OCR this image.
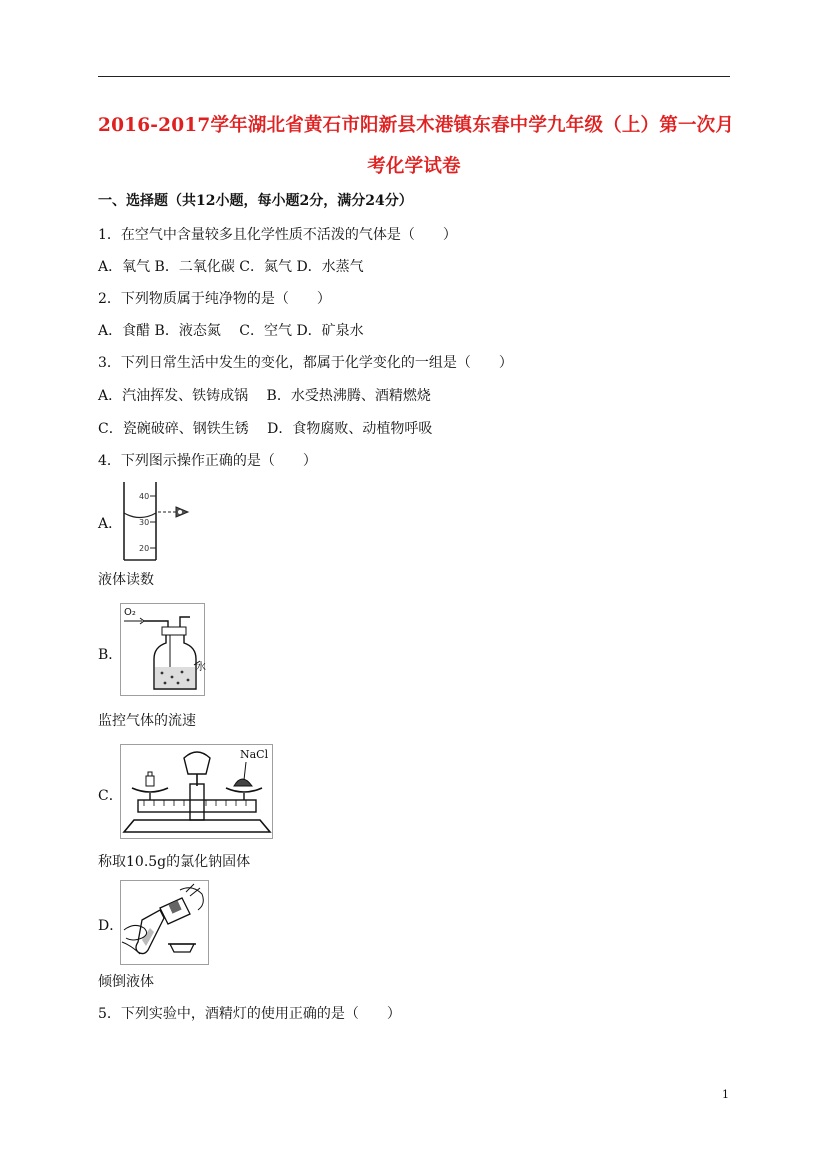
2016-2017学年湖北省黄石市阳新县木港镇东春中学九年级（上）第一次月
考化学试卷
一、选择题（共12小题，每小题2分，满分24分）
1．在空气中含量较多且化学性质不活泼的气体是（　　）
A．氧气 B．二氧化碳 C．氮气 D．水蒸气
2．下列物质属于纯净物的是（　　）
A．食醋 B．液态氮　 C．空气 D．矿泉水
3．下列日常生活中发生的变化，都属于化学变化的一组是（　　）
A．汽油挥发、铁铸成锅　 B．水受热沸腾、酒精燃烧
C．瓷碗破碎、钢铁生锈　 D．食物腐败、动植物呼吸
4．下列图示操作正确的是（　　）
A．
40
30
20
液体读数
B．
O₂
水
监控气体的流速
C．
NaCl
称取10.5g的氯化钠固体
D．
倾倒液体
5．下列实验中，酒精灯的使用正确的是（　　）
1
